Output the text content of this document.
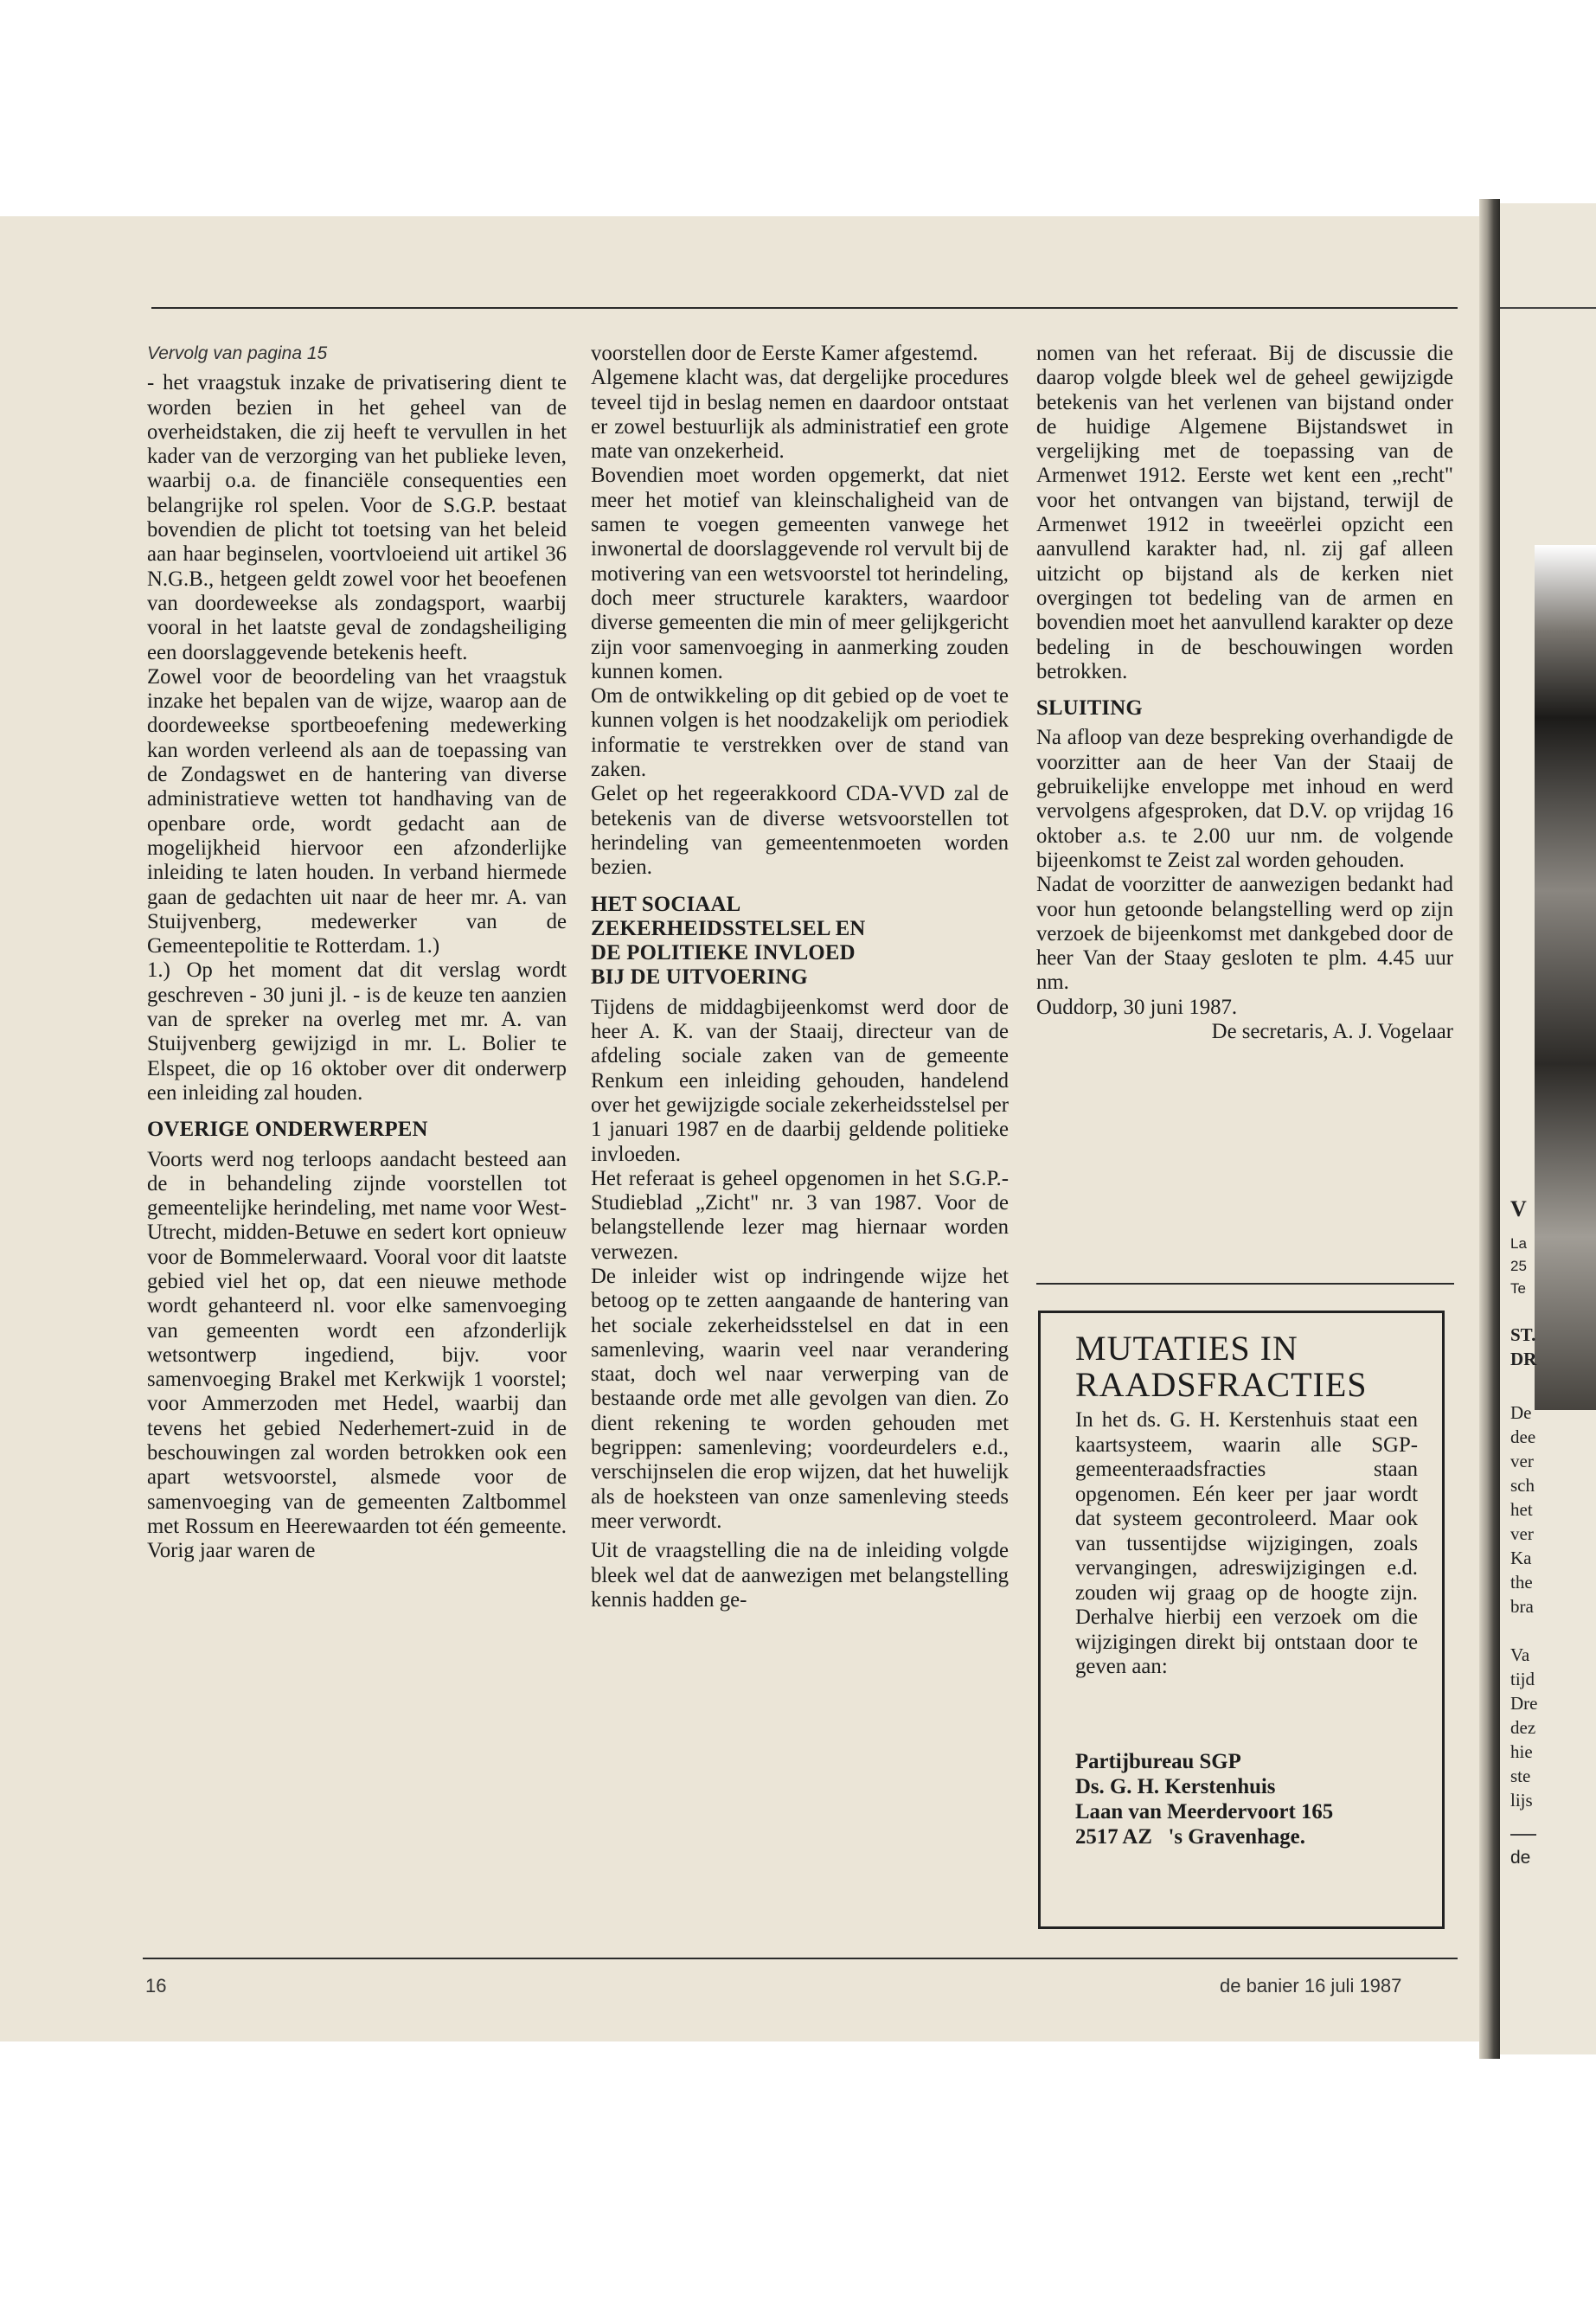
V
La
25
Te
ST.
DR
De
dee
ver
sch
het
ver
Ka
the
bra
Va
tijd
Dre
dez
hie
ste
lijs
de
Vervolg van pagina 15

- het vraagstuk inzake de privatisering dient te worden bezien in het geheel van de overheidstaken, die zij heeft te vervullen in het kader van de verzorging van het publieke leven, waarbij o.a. de financiële consequenties een belangrijke rol spelen. Voor de S.G.P. bestaat bovendien de plicht tot toetsing van het beleid aan haar beginselen, voortvloeiend uit artikel 36 N.G.B., hetgeen geldt zowel voor het beoefenen van doordeweekse als zondagsport, waarbij vooral in het laatste geval de zondagsheiliging een doorslaggevende betekenis heeft.

Zowel voor de beoordeling van het vraagstuk inzake het bepalen van de wijze, waarop aan de doordeweekse sportbeoefening medewerking kan worden verleend als aan de toepassing van de Zondagswet en de hantering van diverse administratieve wetten tot handhaving van de openbare orde, wordt gedacht aan de mogelijkheid hiervoor een afzonderlijke inleiding te laten houden. In verband hiermede gaan de gedachten uit naar de heer mr. A. van Stuijvenberg, medewerker van de Gemeentepolitie te Rotterdam. 1.)

1.) Op het moment dat dit verslag wordt geschreven - 30 juni jl. - is de keuze ten aanzien van de spreker na overleg met mr. A. van Stuijvenberg gewijzigd in mr. L. Bolier te Elspeet, die op 16 oktober over dit onderwerp een inleiding zal houden.

OVERIGE ONDERWERPEN

Voorts werd nog terloops aandacht besteed aan de in behandeling zijnde voorstellen tot gemeentelijke herindeling, met name voor West-Utrecht, midden-Betuwe en sedert kort opnieuw voor de Bommelerwaard. Vooral voor dit laatste gebied viel het op, dat een nieuwe methode wordt gehanteerd nl. voor elke samenvoeging van gemeenten wordt een afzonderlijk wetsontwerp ingediend, bijv. voor samenvoeging Brakel met Kerkwijk 1 voorstel; voor Ammerzoden met Hedel, waarbij dan tevens het gebied Nederhemert-zuid in de beschouwingen zal worden betrokken ook een apart wetsvoorstel, alsmede voor de samenvoeging van de gemeenten Zaltbommel met Rossum en Heerewaarden tot één gemeente. Vorig jaar waren de

voorstellen door de Eerste Kamer afgestemd.

Algemene klacht was, dat dergelijke procedures teveel tijd in beslag nemen en daardoor ontstaat er zowel bestuurlijk als administratief een grote mate van onzekerheid.

Bovendien moet worden opgemerkt, dat niet meer het motief van kleinschaligheid van de samen te voegen gemeenten vanwege het inwonertal de doorslaggevende rol vervult bij de motivering van een wetsvoorstel tot herindeling, doch meer structurele karakters, waardoor diverse gemeenten die min of meer gelijkgericht zijn voor samenvoeging in aanmerking zouden kunnen komen.

Om de ontwikkeling op dit gebied op de voet te kunnen volgen is het noodzakelijk om periodiek informatie te verstrekken over de stand van zaken.

Gelet op het regeerakkoord CDA-VVD zal de betekenis van de diverse wetsvoorstellen tot herindeling van gemeentenmoeten worden bezien.

HET SOCIAAL
ZEKERHEIDSSTELSEL EN
DE POLITIEKE INVLOED
BIJ DE UITVOERING

Tijdens de middagbijeenkomst werd door de heer A. K. van der Staaij, directeur van de afdeling sociale zaken van de gemeente Renkum een inleiding gehouden, handelend over het gewijzigde sociale zekerheidsstelsel per 1 januari 1987 en de daarbij geldende politieke invloeden.

Het referaat is geheel opgenomen in het S.G.P.-Studieblad „Zicht" nr. 3 van 1987. Voor de belangstellende lezer mag hiernaar worden verwezen.

De inleider wist op indringende wijze het betoog op te zetten aangaande de hantering van het sociale zekerheidsstelsel en dat in een samenleving, waarin veel naar verandering staat, doch wel naar verwerping van de bestaande orde met alle gevolgen van dien. Zo dient rekening te worden gehouden met begrippen: samenleving; voordeurdelers e.d., verschijnselen die erop wijzen, dat het huwelijk als de hoeksteen van onze samenleving steeds meer verwordt.

Uit de vraagstelling die na de inleiding volgde bleek wel dat de aanwezigen met belangstelling kennis hadden ge-

nomen van het referaat. Bij de discussie die daarop volgde bleek wel de geheel gewijzigde betekenis van het verlenen van bijstand onder de huidige Algemene Bijstandswet in vergelijking met de toepassing van de Armenwet 1912. Eerste wet kent een „recht" voor het ontvangen van bijstand, terwijl de Armenwet 1912 in tweeërlei opzicht een aanvullend karakter had, nl. zij gaf alleen uitzicht op bijstand als de kerken niet overgingen tot bedeling van de armen en bovendien moet het aanvullend karakter op deze bedeling in de beschouwingen worden betrokken.

SLUITING

Na afloop van deze bespreking overhandigde de voorzitter aan de heer Van der Staaij de gebruikelijke enveloppe met inhoud en werd vervolgens afgesproken, dat D.V. op vrijdag 16 oktober a.s. te 2.00 uur nm. de volgende bijeenkomst te Zeist zal worden gehouden.

Nadat de voorzitter de aanwezigen bedankt had voor hun getoonde belangstelling werd op zijn verzoek de bijeenkomst met dankgebed door de heer Van der Staay gesloten te plm. 4.45 uur nm.

Ouddorp, 30 juni 1987.

De secretaris, A. J. Vogelaar

MUTATIES IN
RAADSFRACTIES

In het ds. G. H. Kerstenhuis staat een kaartsysteem, waarin alle SGP-gemeenteraadsfracties staan opgenomen. Eén keer per jaar wordt dat systeem gecontroleerd. Maar ook van tussentijdse wijzigingen, zoals vervangingen, adreswijzigingen e.d. zouden wij graag op de hoogte zijn. Derhalve hierbij een verzoek om die wijzigingen direkt bij ontstaan door te geven aan:

Partijbureau SGP
Ds. G. H. Kerstenhuis
Laan van Meerdervoort 165
2517 AZ   's Gravenhage.
16	de banier 16 juli 1987
